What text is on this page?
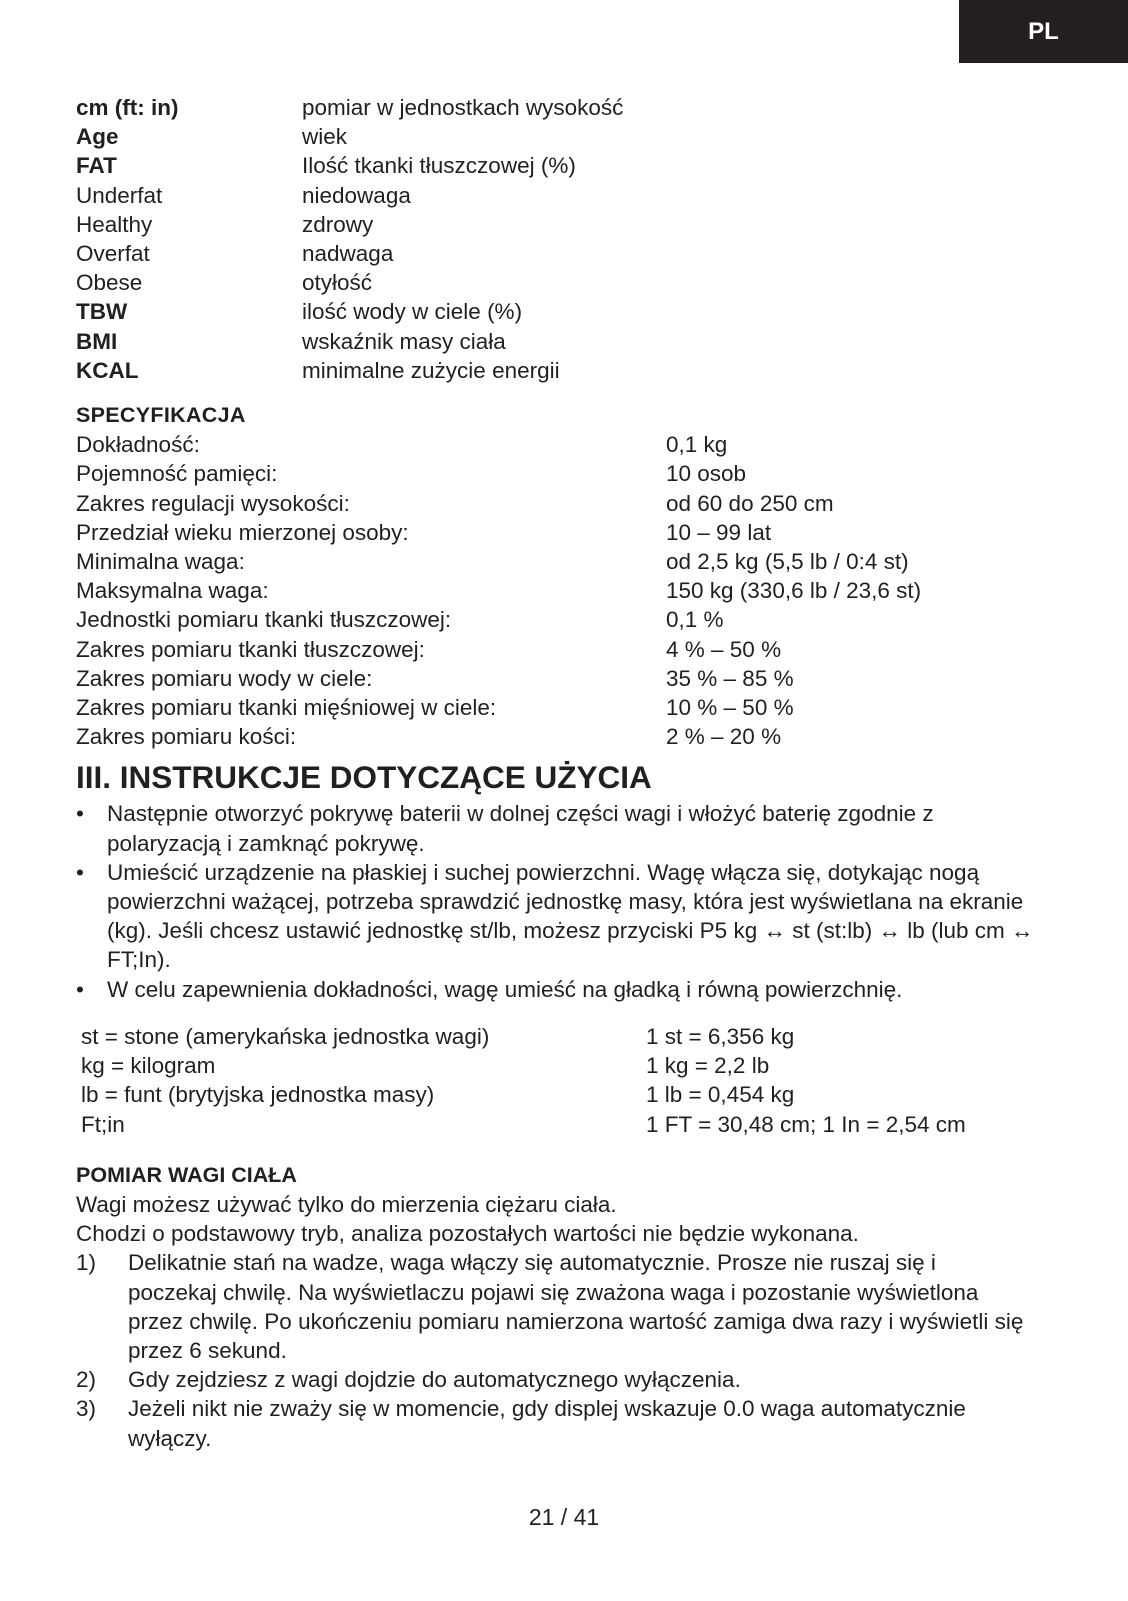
PL
cm (ft: in)	pomiar w jednostkach wysokość
Age	wiek
FAT	Ilość tkanki tłuszczowej (%)
Underfat	niedowaga
Healthy	zdrowy
Overfat	nadwaga
Obese	otyłość
TBW	ilość wody w ciele (%)
BMI	wskaźnik masy ciała
KCAL	minimalne zużycie energii
SPECYFIKACJA
Dokładność:	0,1 kg
Pojemność pamięci:	10 osob
Zakres regulacji wysokości:	od 60 do 250 cm
Przedział wieku mierzonej osoby:	10 – 99 lat
Minimalna waga:	od 2,5 kg (5,5 lb / 0:4 st)
Maksymalna waga:	150 kg (330,6 lb / 23,6 st)
Jednostki pomiaru tkanki tłuszczowej:	0,1 %
Zakres pomiaru tkanki tłuszczowej:	4 % – 50 %
Zakres pomiaru wody w ciele:	35 % – 85 %
Zakres pomiaru tkanki mięśniowej w ciele:	10 % – 50 %
Zakres pomiaru kości:	2 % – 20 %
III. INSTRUKCJE DOTYCZĄCE UŻYCIA
•	Następnie otworzyć pokrywę baterii w dolnej części wagi i włożyć baterię zgodnie z polaryzacją i zamknąć pokrywę.
•	Umieścić urządzenie na płaskiej i suchej powierzchni. Wagę włącza się, dotykając nogą powierzchni ważącej, potrzeba sprawdzić jednostkę masy, która jest wyświetlana na ekranie (kg). Jeśli chcesz ustawić jednostkę st/lb, możesz przyciski P5 kg ↔ st (st:lb) ↔ lb (lub cm ↔ FT;In).
•	W celu zapewnienia dokładności, wagę umieść na gładką i równą powierzchnię.
st = stone (amerykańska jednostka wagi)	1 st = 6,356 kg
kg = kilogram	1 kg = 2,2 lb
lb = funt (brytyjska jednostka masy)	1 lb = 0,454 kg
Ft;in	1 FT = 30,48 cm; 1 In = 2,54 cm
POMIAR WAGI CIAŁA
Wagi możesz używać tylko do mierzenia ciężaru ciała.
Chodzi o podstawowy tryb, analiza pozostałych wartości nie będzie wykonana.
1)	Delikatnie stań na wadze, waga włączy się automatycznie. Prosze nie ruszaj się i poczekaj chwilę. Na wyświetlaczu pojawi się zważona waga i pozostanie wyświetlona przez chwilę. Po ukończeniu pomiaru namierzona wartość zamiga dwa razy i wyświetli się przez 6 sekund.
2)	Gdy zejdziesz z wagi dojdzie do automatycznego wyłączenia.
3)	Jeżeli nikt nie zważy się w momencie, gdy displej wskazuje 0.0 waga automatycznie wyłączy.
21 / 41
